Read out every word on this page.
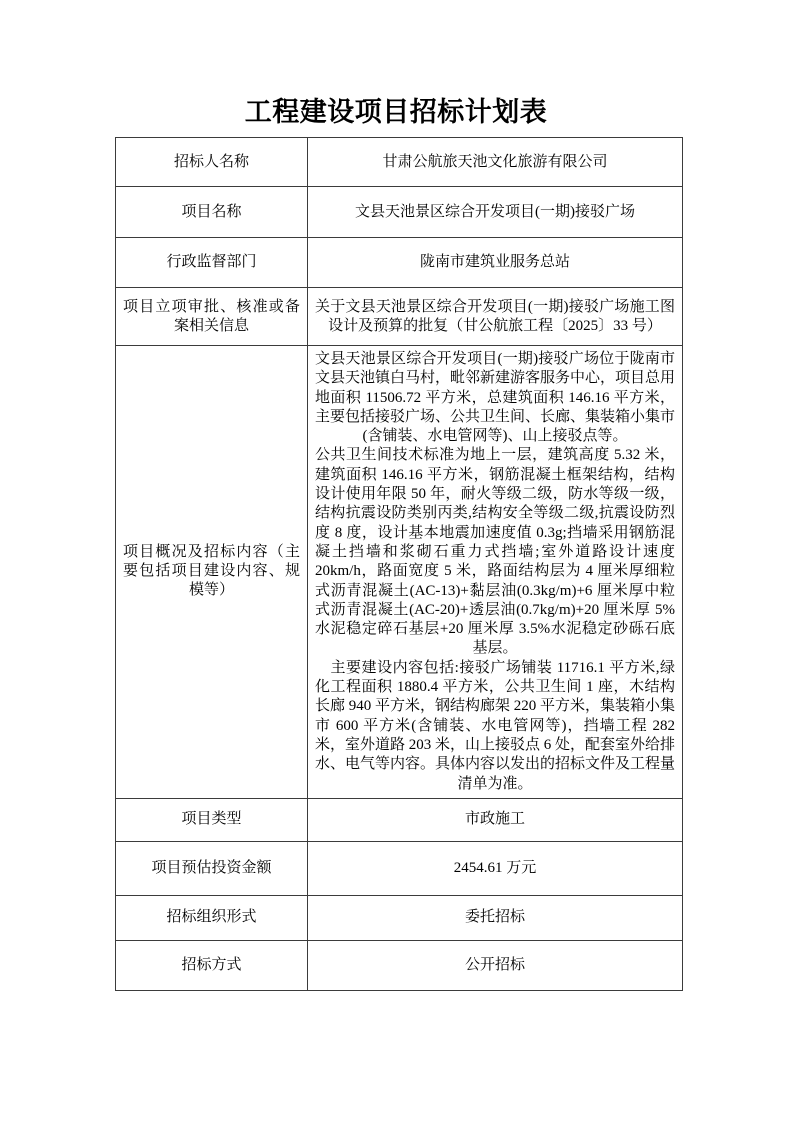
工程建设项目招标计划表
招标人名称	甘肃公航旅天池文化旅游有限公司
项目名称	文县天池景区综合开发项目(一期)接驳广场
行政监督部门	陇南市建筑业服务总站
项目立项审批、核准或备案相关信息	关于文县天池景区综合开发项目(一期)接驳广场施工图设计及预算的批复（甘公航旅工程〔2025〕33 号）
项目概况及招标内容（主要包括项目建设内容、规模等）	文县天池景区综合开发项目(一期)接驳广场位于陇南市文县天池镇白马村，毗邻新建游客服务中心，项目总用地面积 11506.72 平方米，总建筑面积 146.16 平方米，主要包括接驳广场、公共卫生间、长廊、集装箱小集市(含铺装、水电管网等)、山上接驳点等。

公共卫生间技术标准为地上一层，建筑高度 5.32 米，建筑面积 146.16 平方米，钢筋混凝土框架结构，结构设计使用年限 50 年，耐火等级二级，防水等级一级，结构抗震设防类别丙类,结构安全等级二级,抗震设防烈度 8 度，设计基本地震加速度值 0.3g;挡墙采用钢筋混凝土挡墙和浆砌石重力式挡墙;室外道路设计速度 20km/h，路面宽度 5 米，路面结构层为 4 厘米厚细粒式沥青混凝土(AC-13)+黏层油(0.3kg/m)+6 厘米厚中粒式沥青混凝土(AC-20)+透层油(0.7kg/m)+20 厘米厚 5%水泥稳定碎石基层+20 厘米厚 3.5%水泥稳定砂砾石底基层。

　主要建设内容包括:接驳广场铺装 11716.1 平方米,绿化工程面积 1880.4 平方米，公共卫生间 1 座，木结构长廊 940 平方米，钢结构廊架 220 平方米，集装箱小集市 600 平方米(含铺装、水电管网等)，挡墙工程 282 米，室外道路 203 米，山上接驳点 6 处，配套室外给排水、电气等内容。具体内容以发出的招标文件及工程量清单为准。

项目类型	市政施工
项目预估投资金额	2454.61 万元
招标组织形式	委托招标
招标方式	公开招标
